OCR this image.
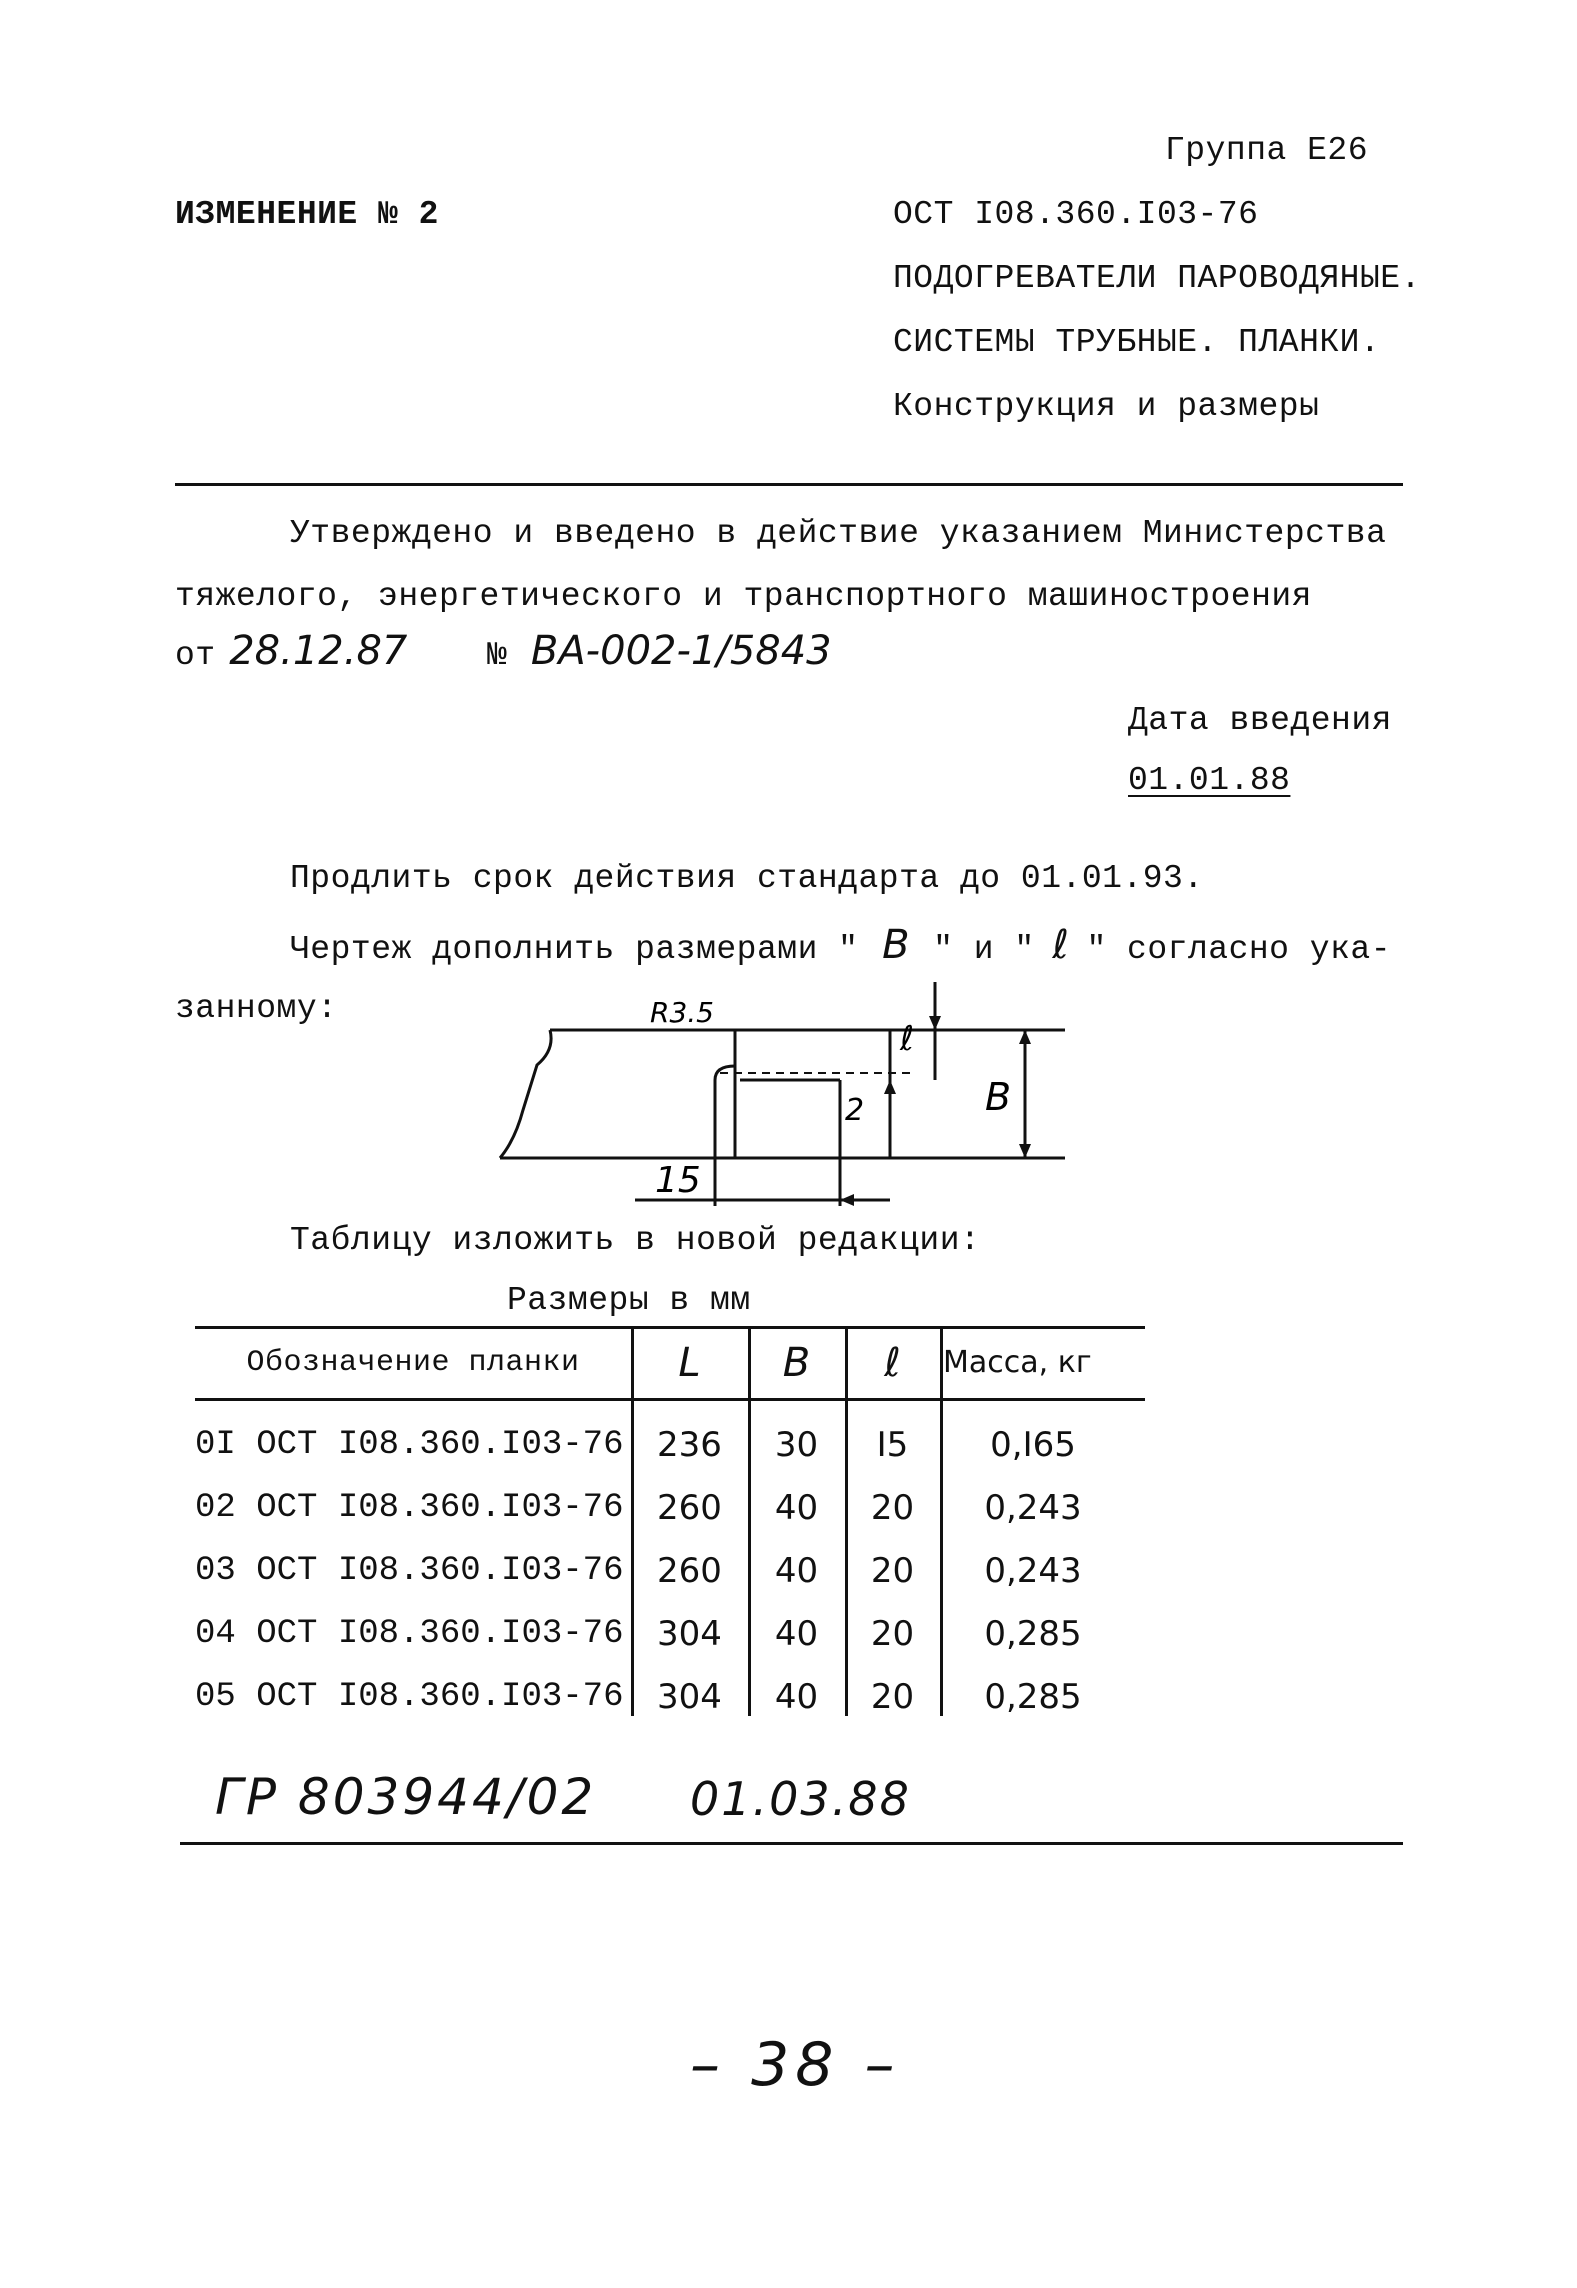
Группа Е26
ИЗМЕНЕНИЕ № 2	ОСТ I08.360.I03-76
ПОДОГРЕВАТЕЛИ ПАРОВОДЯНЫЕ.
СИСТЕМЫ ТРУБНЫЕ. ПЛАНКИ.
Конструкция и размеры
Утверждено и введено в действие указанием Министерства
тяжелого, энергетического и транспортного машиностроения
от 28.12.87 № ВА-002-1/5843
Дата введения
01.01.88
Продлить срок действия стандарта до 01.01.93.
Чертеж дополнить размерами " В " и " ℓ " согласно ука-
занному:	R3.5
15
2
ℓ
В
Таблицу изложить в новой редакции:
Размеры в мм
Обозначение планки	L	В	ℓ	Масса, кг
0I ОСТ I08.360.I03-76 236	30	I5	0,I65
02 ОСТ I08.360.I03-76 260	40	20	0,243
03 ОСТ I08.360.I03-76 260	40	20	0,243
04 ОСТ I08.360.I03-76 304	40	20	0,285
05 ОСТ I08.360.I03-76 304	40	20	0,285
ГР 803944/02 01.03.88
– 38 –
